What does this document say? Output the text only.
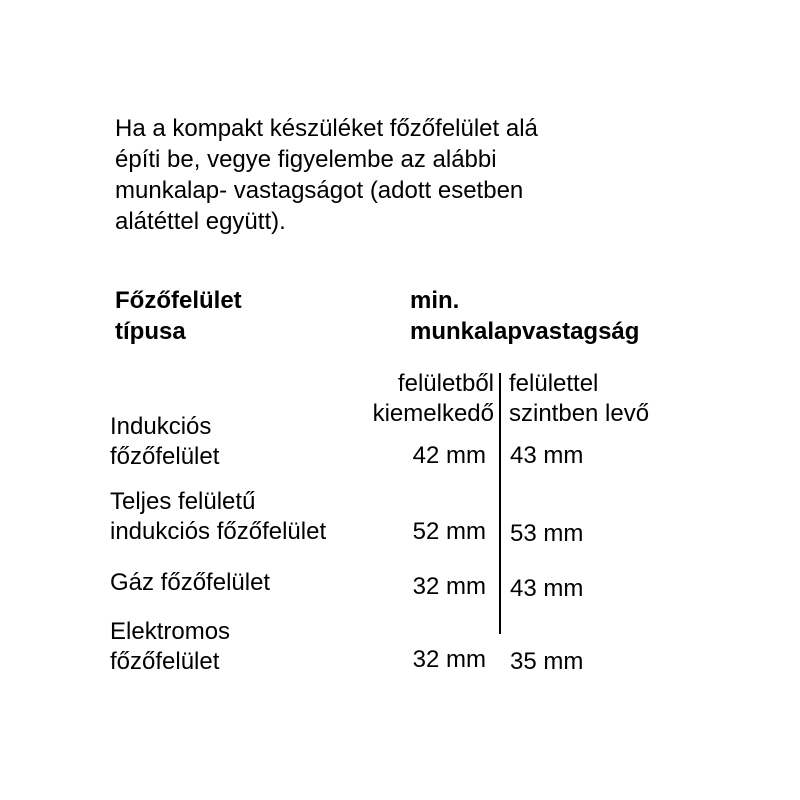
Ha a kompakt készüléket főzőfelület alá
építi be, vegye figyelembe az alábbi
munkalap- vastagságot (adott esetben
alátéttel együtt).
Főzőfelület
típusa
min.
munkalapvastagság
felületből
kiemelkedő
felülettel
szintben levő
Indukciós
főzőfelület	42 mm 43 mm
Teljes felületű
indukciós főzőfelület	52 mm 53 mm
Gáz főzőfelület	32 mm 43 mm
Elektromos
főzőfelület	32 mm 35 mm
